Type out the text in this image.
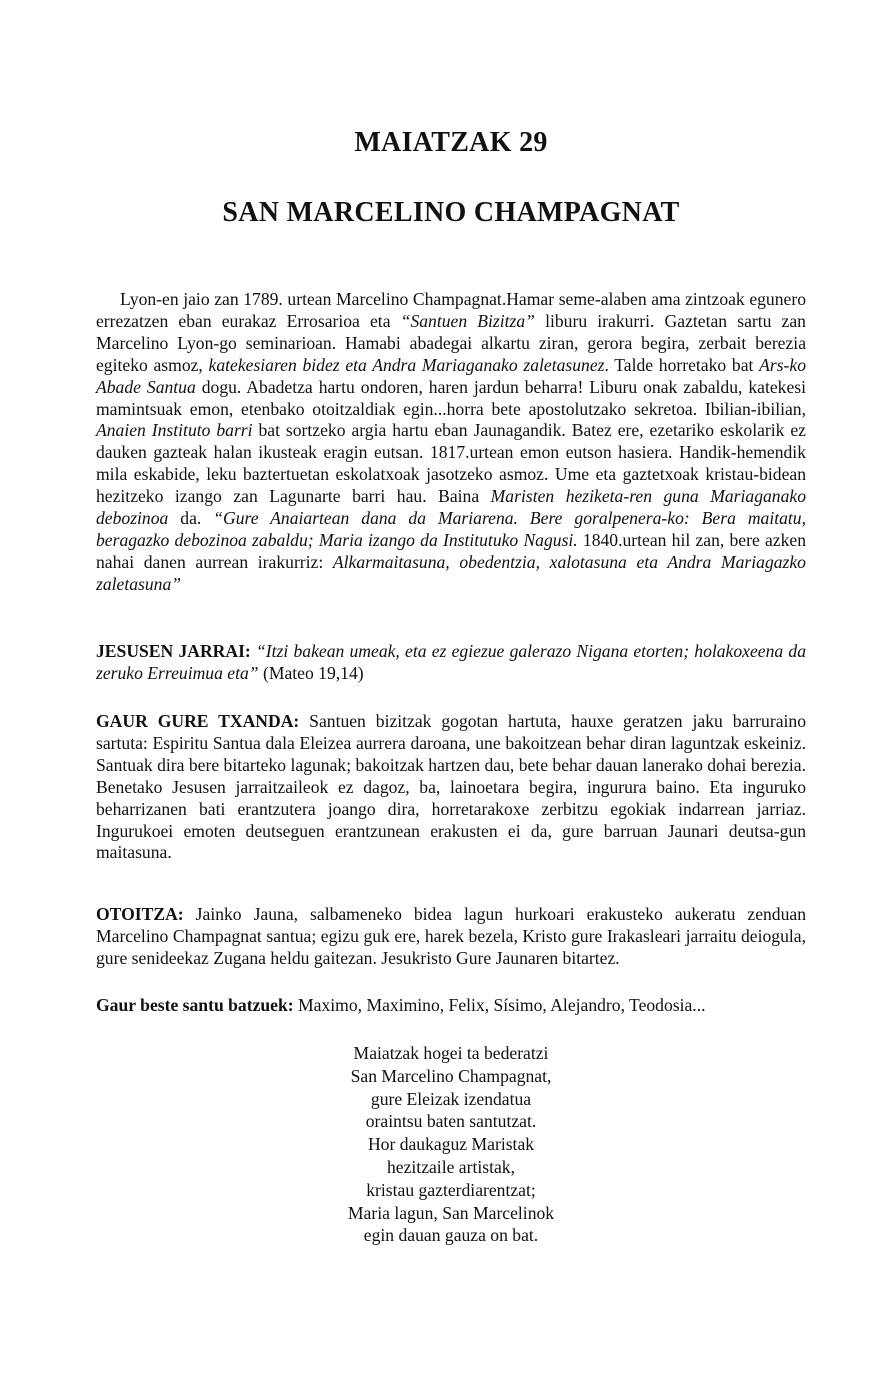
MAIATZAK 29
SAN MARCELINO CHAMPAGNAT
Lyon-en jaio zan 1789. urtean Marcelino Champagnat.Hamar seme-alaben ama zintzoak egunero errezatzen eban eurakaz Errosarioa eta “Santuen Bizitza” liburu irakurri. Gaztetan sartu zan Marcelino Lyon-go seminarioan. Hamabi abadegai alkartu ziran, gerora begira, zerbait berezia egiteko asmoz, katekesiaren bidez eta Andra Mariaganako zaletasunez. Talde horretako bat Ars-ko Abade Santua dogu. Abadetza hartu ondoren, haren jardun beharra! Liburu onak zabaldu, katekesi mamintsuak emon, etenbako otoitzaldiak egin...horra bete apostolutzako sekretoa. Ibilian-ibilian, Anaien Instituto barri bat sortzeko argia hartu eban Jaunagandik. Batez ere, ezetariko eskolarik ez dauken gazteak halan ikusteak eragin eutsan. 1817.urtean emon eutson hasiera. Handik-hemendik mila eskabide, leku baztertuetan eskolatxoak jasotzeko asmoz. Ume eta gaztetxoak kristau-bidean hezitzeko izango zan Lagunarte barri hau. Baina Maristen heziketa-ren guna Mariaganako debozinoa da. “Gure Anaiartean dana da Mariarena. Bere goralpenera-ko: Bera maitatu, beragazko debozinoa zabaldu; Maria izango da Institutuko Nagusi. 1840.urtean hil zan, bere azken nahai danen aurrean irakurriz: Alkarmaitasuna, obedentzia, xalotasuna eta Andra Mariagazko zaletasuna”
JESUSEN JARRAI: “Itzi bakean umeak, eta ez egiezue galerazo Nigana etorten; holakoxeena da zeruko Erreuimua eta” (Mateo 19,14)
GAUR GURE TXANDA: Santuen bizitzak gogotan hartuta, hauxe geratzen jaku barruraino sartuta: Espiritu Santua dala Eleizea aurrera daroana, une bakoitzean behar diran laguntzak eskeiniz. Santuak dira bere bitarteko lagunak; bakoitzak hartzen dau, bete behar dauan lanerako dohai berezia. Benetako Jesusen jarraitzaileok ez dagoz, ba, lainoetara begira, ingurura baino. Eta inguruko beharrizanen bati erantzutera joango dira, horretarakoxe zerbitzu egokiak indarrean jarriaz. Ingurukoei emoten deutseguen erantzunean erakusten ei da, gure barruan Jaunari deutsa-gun maitasuna.
OTOITZA: Jainko Jauna, salbameneko bidea lagun hurkoari erakusteko aukeratu zenduan Marcelino Champagnat santua; egizu guk ere, harek bezela, Kristo gure Irakasleari jarraitu deiogula, gure senideekaz Zugana heldu gaitezan. Jesukristo Gure Jaunaren bitartez.
Gaur beste santu batzuek: Maximo, Maximino, Felix, Sísimo, Alejandro, Teodosia...
Maiatzak hogei ta bederatzi
San Marcelino Champagnat,
gure Eleizak izendatua
oraintsu baten santutzat.
Hor daukaguz Maristak
hezitzaile artistak,
kristau gazterdiarentzat;
Maria lagun, San Marcelinok
egin dauan gauza on bat.
